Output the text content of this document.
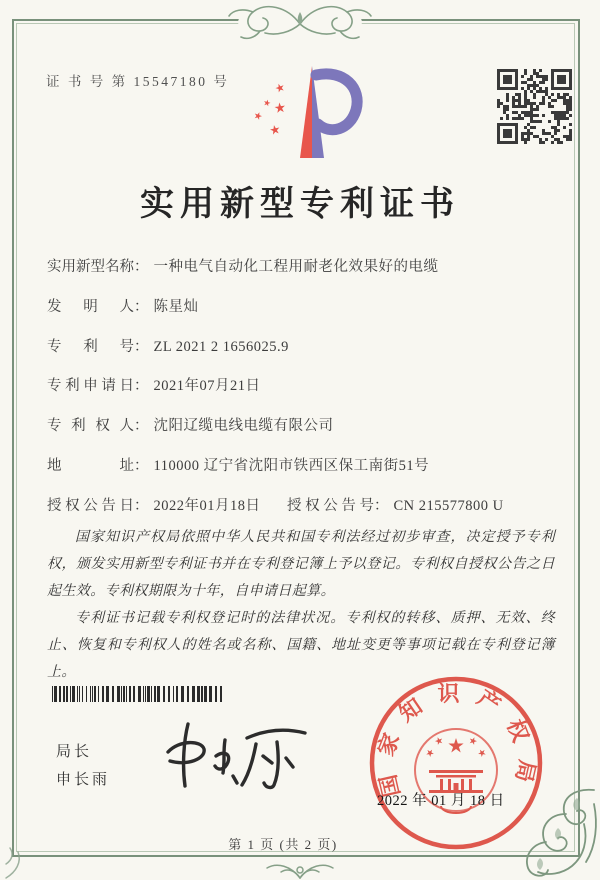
证 书 号 第 15547180 号
实用新型专利证书
实用新型名称： 一种电气自动化工程用耐老化效果好的电缆
发明人： 陈星灿
专利号： ZL 2021 2 1656025.9
专利申请日： 2021年07月21日
专利权人： 沈阳辽缆电线电缆有限公司
地址： 110000 辽宁省沈阳市铁西区保工南街51号
授权公告日： 2022年01月18日 授权公告号： CN 215577800 U

国家知识产权局依照中华人民共和国专利法经过初步审查，决定授予专利权，颁发实用新型专利证书并在专利登记簿上予以登记。专利权自授权公告之日起生效。专利权期限为十年，自申请日起算。

专利证书记载专利权登记时的法律状况。专利权的转移、质押、无效、终止、恢复和专利权人的姓名或名称、国籍、地址变更等事项记载在专利登记簿上。

局长
申长雨	国家知识产权局
2022 年 01 月 18 日
第 1 页 (共 2 页)
